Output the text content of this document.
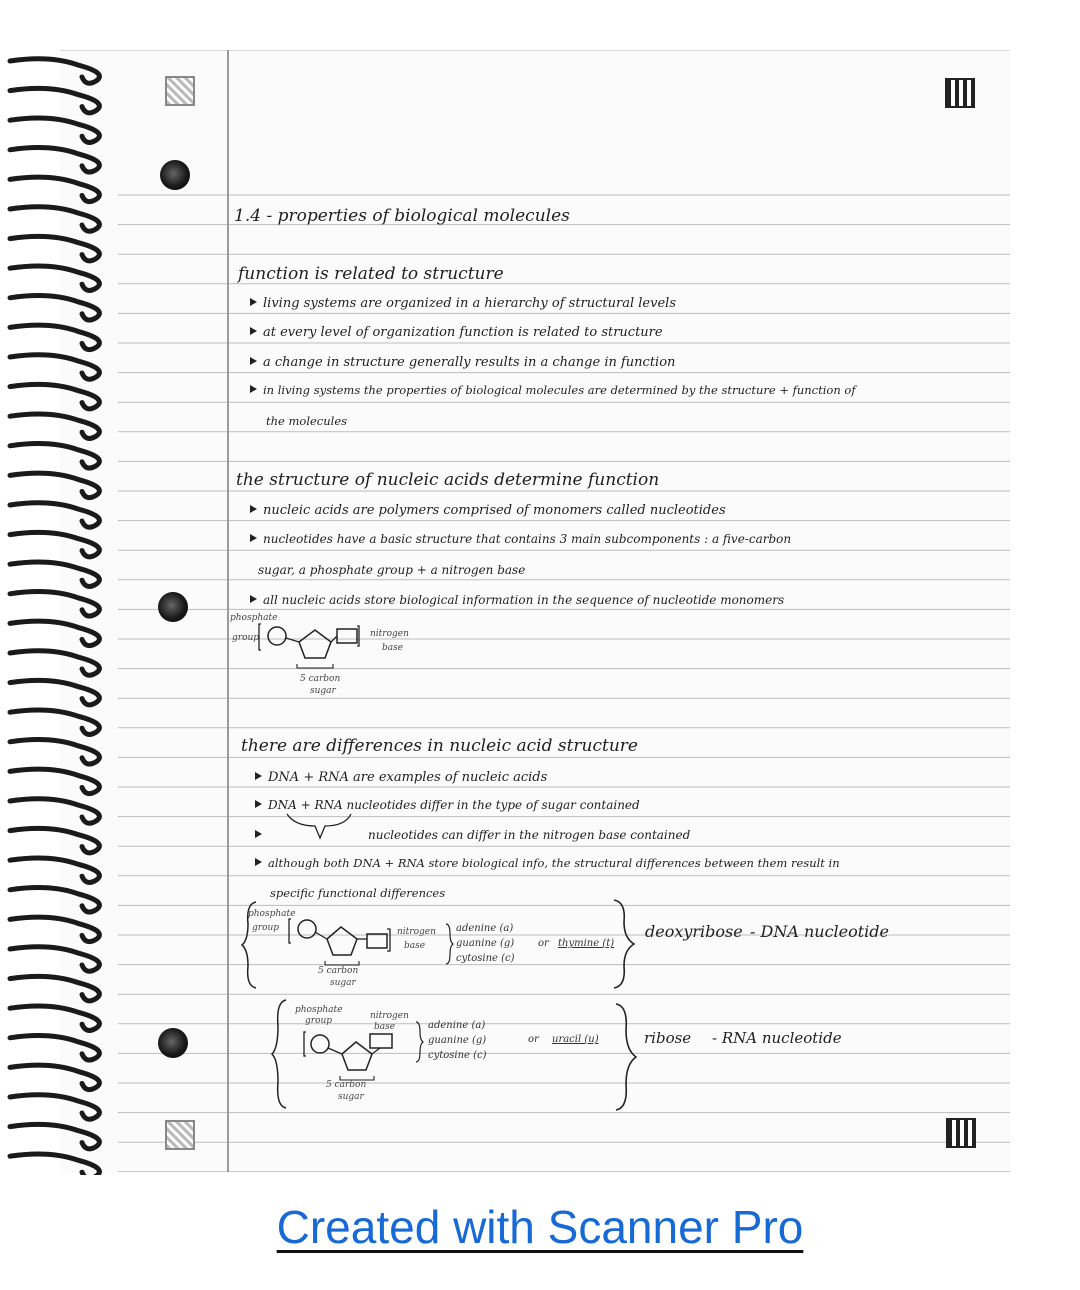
1.4 - properties of biological molecules
function is related to structure
living systems are organized in a hierarchy of structural levels
at every level of organization function is related to structure
a change in structure generally results in a change in function
in living systems the properties of biological molecules are determined by the structure + function of
the molecules
the structure of nucleic acids determine function
nucleic acids are polymers comprised of monomers called nucleotides
nucleotides have a basic structure that contains 3 main subcomponents : a five-carbon
sugar, a phosphate group + a nitrogen base
all nucleic acids store biological information in the sequence of nucleotide monomers
phosphate
group	nitrogen
base
5 carbon
sugar
there are differences in nucleic acid structure
DNA + RNA are examples of nucleic acids
DNA + RNA nucleotides differ in the type of sugar contained
nucleotides can differ in the nitrogen base contained
although both DNA + RNA store biological info, the structural differences between them result in
specific functional differences
phosphate
group	nitrogen
base
adenine (a)
guanine (g)
cytosine (c)
or thymine (t)
5 carbon
sugar
deoxyribose - DNA nucleotide
phosphate
group	nitrogen
base	adenine (a)
guanine (g)
cytosine (c)
or uracil (u)
5 carbon
sugar
ribose - RNA nucleotide
Created with Scanner Pro
